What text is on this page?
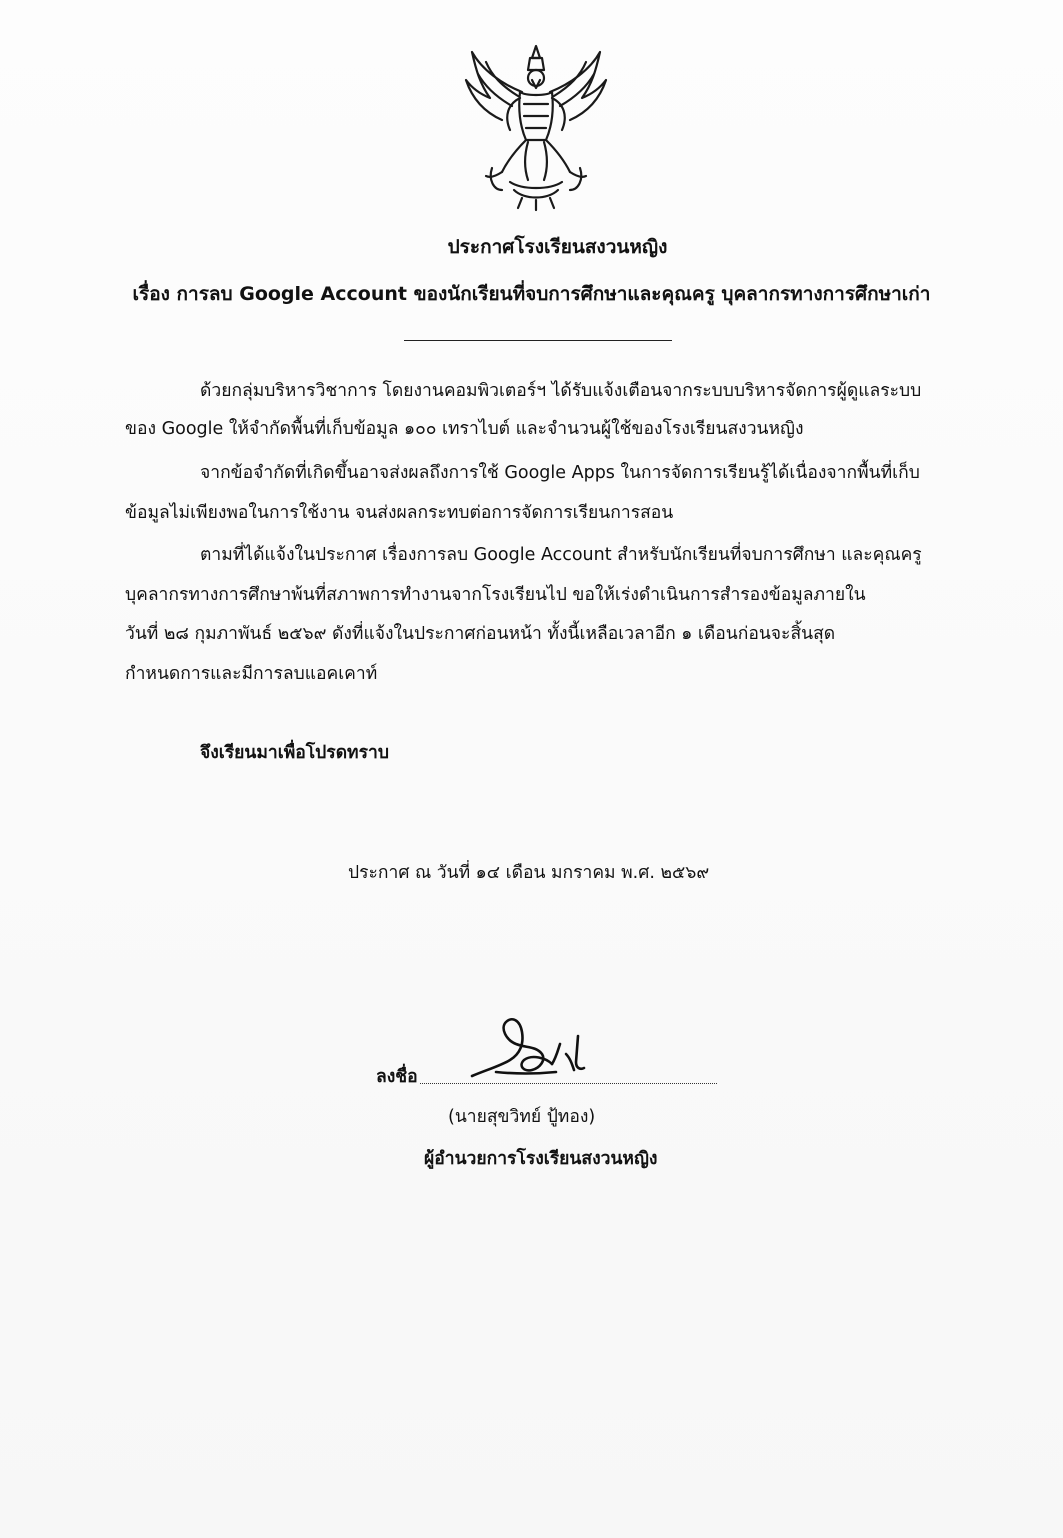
ประกาศโรงเรียนสงวนหญิง
เรื่อง การลบ Google Account ของนักเรียนที่จบการศึกษาและคุณครู บุคลากรทางการศึกษาเก่า
ด้วยกลุ่มบริหารวิชาการ โดยงานคอมพิวเตอร์ฯ ได้รับแจ้งเตือนจากระบบบริหารจัดการผู้ดูแลระบบ
ของ Google ให้จำกัดพื้นที่เก็บข้อมูล ๑๐๐ เทราไบต์ และจำนวนผู้ใช้ของโรงเรียนสงวนหญิง
จากข้อจำกัดที่เกิดขึ้นอาจส่งผลถึงการใช้ Google Apps ในการจัดการเรียนรู้ได้เนื่องจากพื้นที่เก็บ
ข้อมูลไม่เพียงพอในการใช้งาน จนส่งผลกระทบต่อการจัดการเรียนการสอน
ตามที่ได้แจ้งในประกาศ เรื่องการลบ Google Account สำหรับนักเรียนที่จบการศึกษา และคุณครู
บุคลากรทางการศึกษาพ้นที่สภาพการทำงานจากโรงเรียนไป ขอให้เร่งดำเนินการสำรองข้อมูลภายใน
วันที่ ๒๘ กุมภาพันธ์ ๒๕๖๙ ดังที่แจ้งในประกาศก่อนหน้า ทั้งนี้เหลือเวลาอีก ๑ เดือนก่อนจะสิ้นสุด
กำหนดการและมีการลบแอคเคาท์
จึงเรียนมาเพื่อโปรดทราบ
ประกาศ ณ วันที่ ๑๔ เดือน มกราคม พ.ศ. ๒๕๖๙
ลงชื่อ
(นายสุขวิทย์ ปู้ทอง)
ผู้อำนวยการโรงเรียนสงวนหญิง
